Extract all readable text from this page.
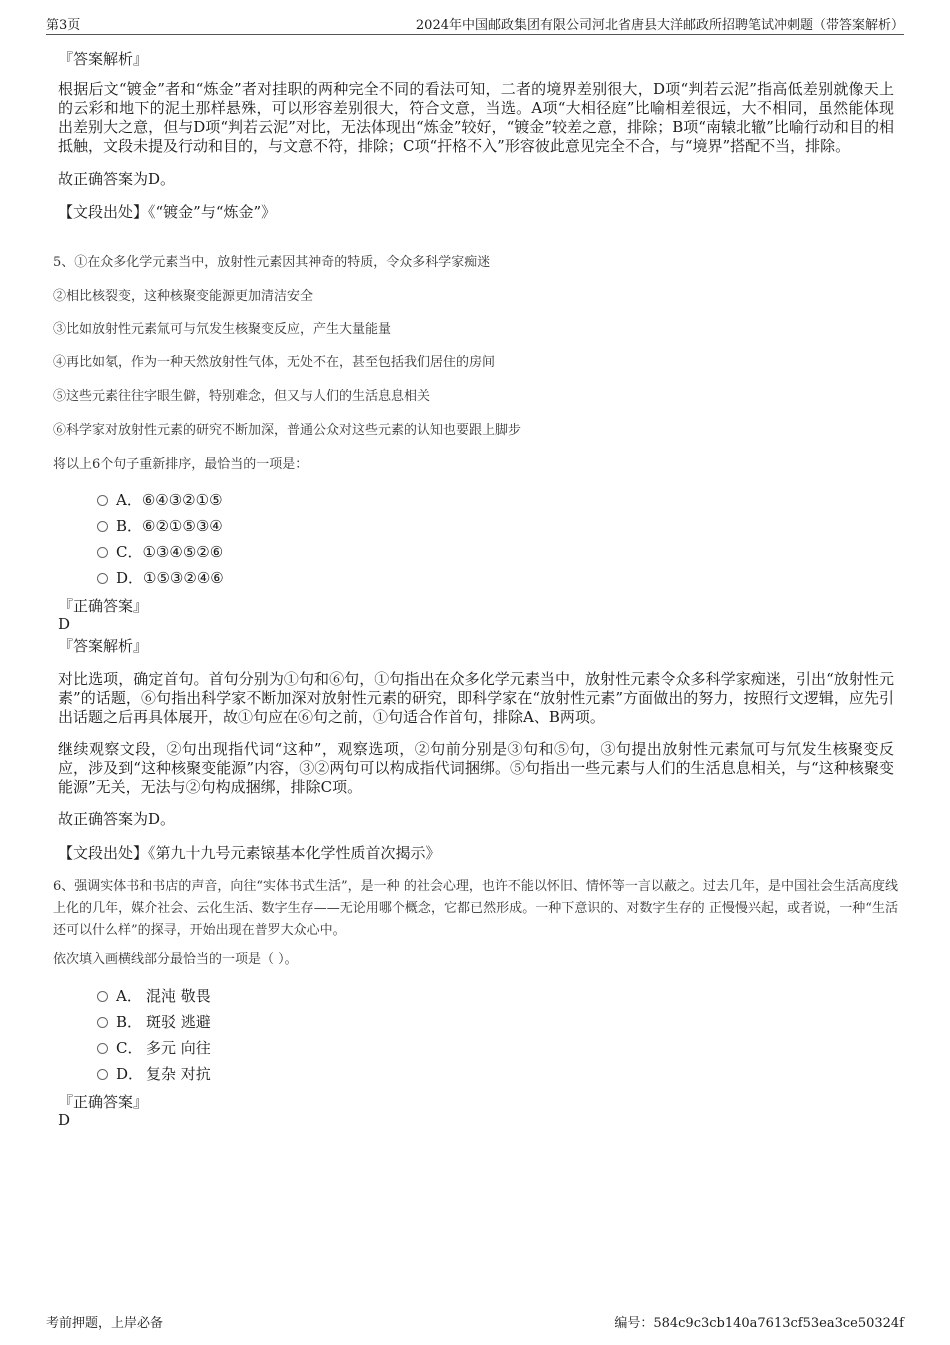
第3页	2024年中国邮政集团有限公司河北省唐县大洋邮政所招聘笔试冲刺题（带答案解析）
『答案解析』
根据后文“镀金”者和“炼金”者对挂职的两种完全不同的看法可知，二者的境界差别很大，D项“判若云泥”指高低差别就像天上的云彩和地下的泥土那样悬殊，可以形容差别很大，符合文意，当选。A项“大相径庭”比喻相差很远，大不相同，虽然能体现出差别大之意，但与D项“判若云泥”对比，无法体现出“炼金”较好，“镀金”较差之意，排除；B项“南辕北辙”比喻行动和目的相抵触，文段未提及行动和目的，与文意不符，排除；C项“扞格不入”形容彼此意见完全不合，与“境界”搭配不当，排除。
故正确答案为D。
【文段出处】《“镀金”与“炼金”》
5、①在众多化学元素当中，放射性元素因其神奇的特质，令众多科学家痴迷
②相比核裂变，这种核聚变能源更加清洁安全
③比如放射性元素氚可与氘发生核聚变反应，产生大量能量
④再比如氡，作为一种天然放射性气体，无处不在，甚至包括我们居住的房间
⑤这些元素往往字眼生僻，特别难念，但又与人们的生活息息相关
⑥科学家对放射性元素的研究不断加深，普通公众对这些元素的认知也要跟上脚步
将以上6个句子重新排序，最恰当的一项是：
A．⑥④③②①⑤
B．⑥②①⑤③④
C．①③④⑤②⑥
D．①⑤③②④⑥
『正确答案』
D
『答案解析』
对比选项，确定首句。首句分别为①句和⑥句，①句指出在众多化学元素当中，放射性元素令众多科学家痴迷，引出“放射性元素”的话题，⑥句指出科学家不断加深对放射性元素的研究，即科学家在“放射性元素”方面做出的努力，按照行文逻辑，应先引出话题之后再具体展开，故①句应在⑥句之前，①句适合作首句，排除A、B两项。
继续观察文段，②句出现指代词“这种”，观察选项，②句前分别是③句和⑤句，③句提出放射性元素氚可与氘发生核聚变反应，涉及到“这种核聚变能源”内容，③②两句可以构成指代词捆绑。⑤句指出一些元素与人们的生活息息相关，与“这种核聚变能源”无关，无法与②句构成捆绑，排除C项。
故正确答案为D。
【文段出处】《第九十九号元素锿基本化学性质首次揭示》
6、强调实体书和书店的声音，向往“实体书式生活”，是一种 的社会心理，也许不能以怀旧、情怀等一言以蔽之。过去几年，是中国社会生活高度线上化的几年，媒介社会、云化生活、数字生存——无论用哪个概念，它都已然形成。一种下意识的、对数字生存的 正慢慢兴起，或者说，一种“生活还可以什么样”的探寻，开始出现在普罗大众心中。
依次填入画横线部分最恰当的一项是（ ）。
A． 混沌 敬畏
B． 斑驳 逃避
C． 多元 向往
D． 复杂 对抗
『正确答案』
D
考前押题，上岸必备	编号：584c9c3cb140a7613cf53ea3ce50324f
